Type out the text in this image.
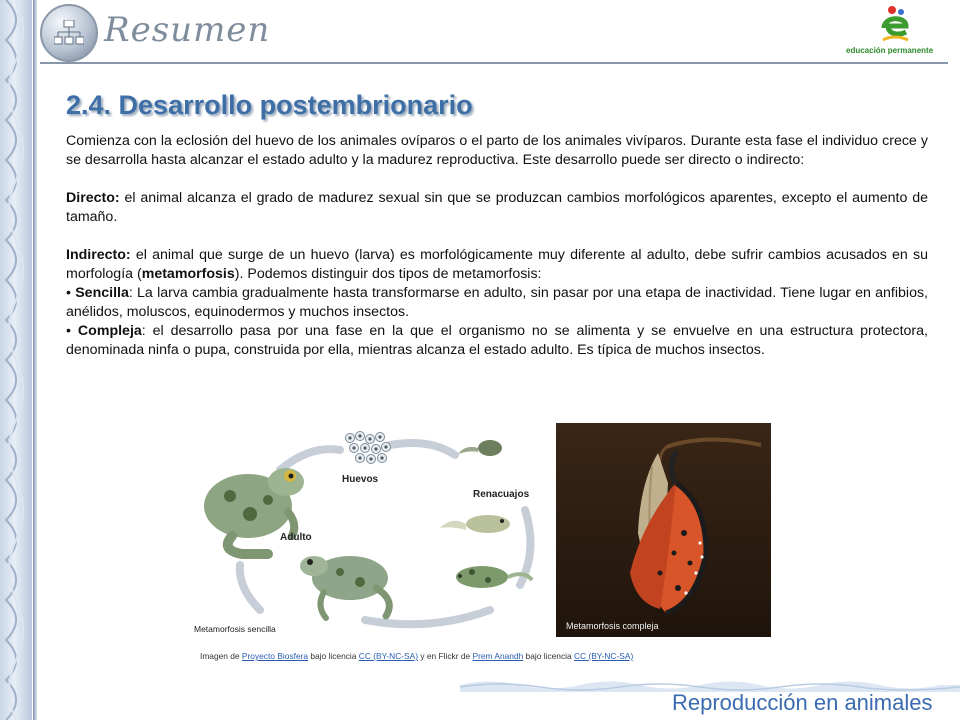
Resumen
educación permanente
2.4. Desarrollo postembrionario

Comienza con la eclosión del huevo de los animales ovíparos o el parto de los animales vivíparos. Durante esta fase el individuo crece y se desarrolla hasta alcanzar el estado adulto y la madurez reproductiva. Este desarrollo puede ser directo o indirecto:

Directo: el animal alcanza el grado de madurez sexual sin que se produzcan cambios morfológicos aparentes, excepto el aumento de tamaño.

Indirecto: el animal que surge de un huevo (larva) es morfológicamente muy diferente al adulto, debe sufrir cambios acusados en su morfología (metamorfosis). Podemos distinguir dos tipos de metamorfosis:

• Sencilla: La larva cambia gradualmente hasta transformarse en adulto, sin pasar por una etapa de inactividad. Tiene lugar en anfibios, anélidos, moluscos, equinodermos y muchos insectos.

• Compleja: el desarrollo pasa por una fase en la que el organismo no se alimenta y se envuelve en una estructura protectora, denominada ninfa o pupa, construida por ella, mientras alcanza el estado adulto. Es típica de muchos insectos.

Huevos
Renacuajos
Adulto
Metamorfosis sencilla	Metamorfosis compleja
Imagen de Proyecto Biosfera bajo licencia CC (BY-NC-SA) y en Flickr de Prem Anandh bajo licencia CC (BY-NC-SA)
Reproducción en animales
